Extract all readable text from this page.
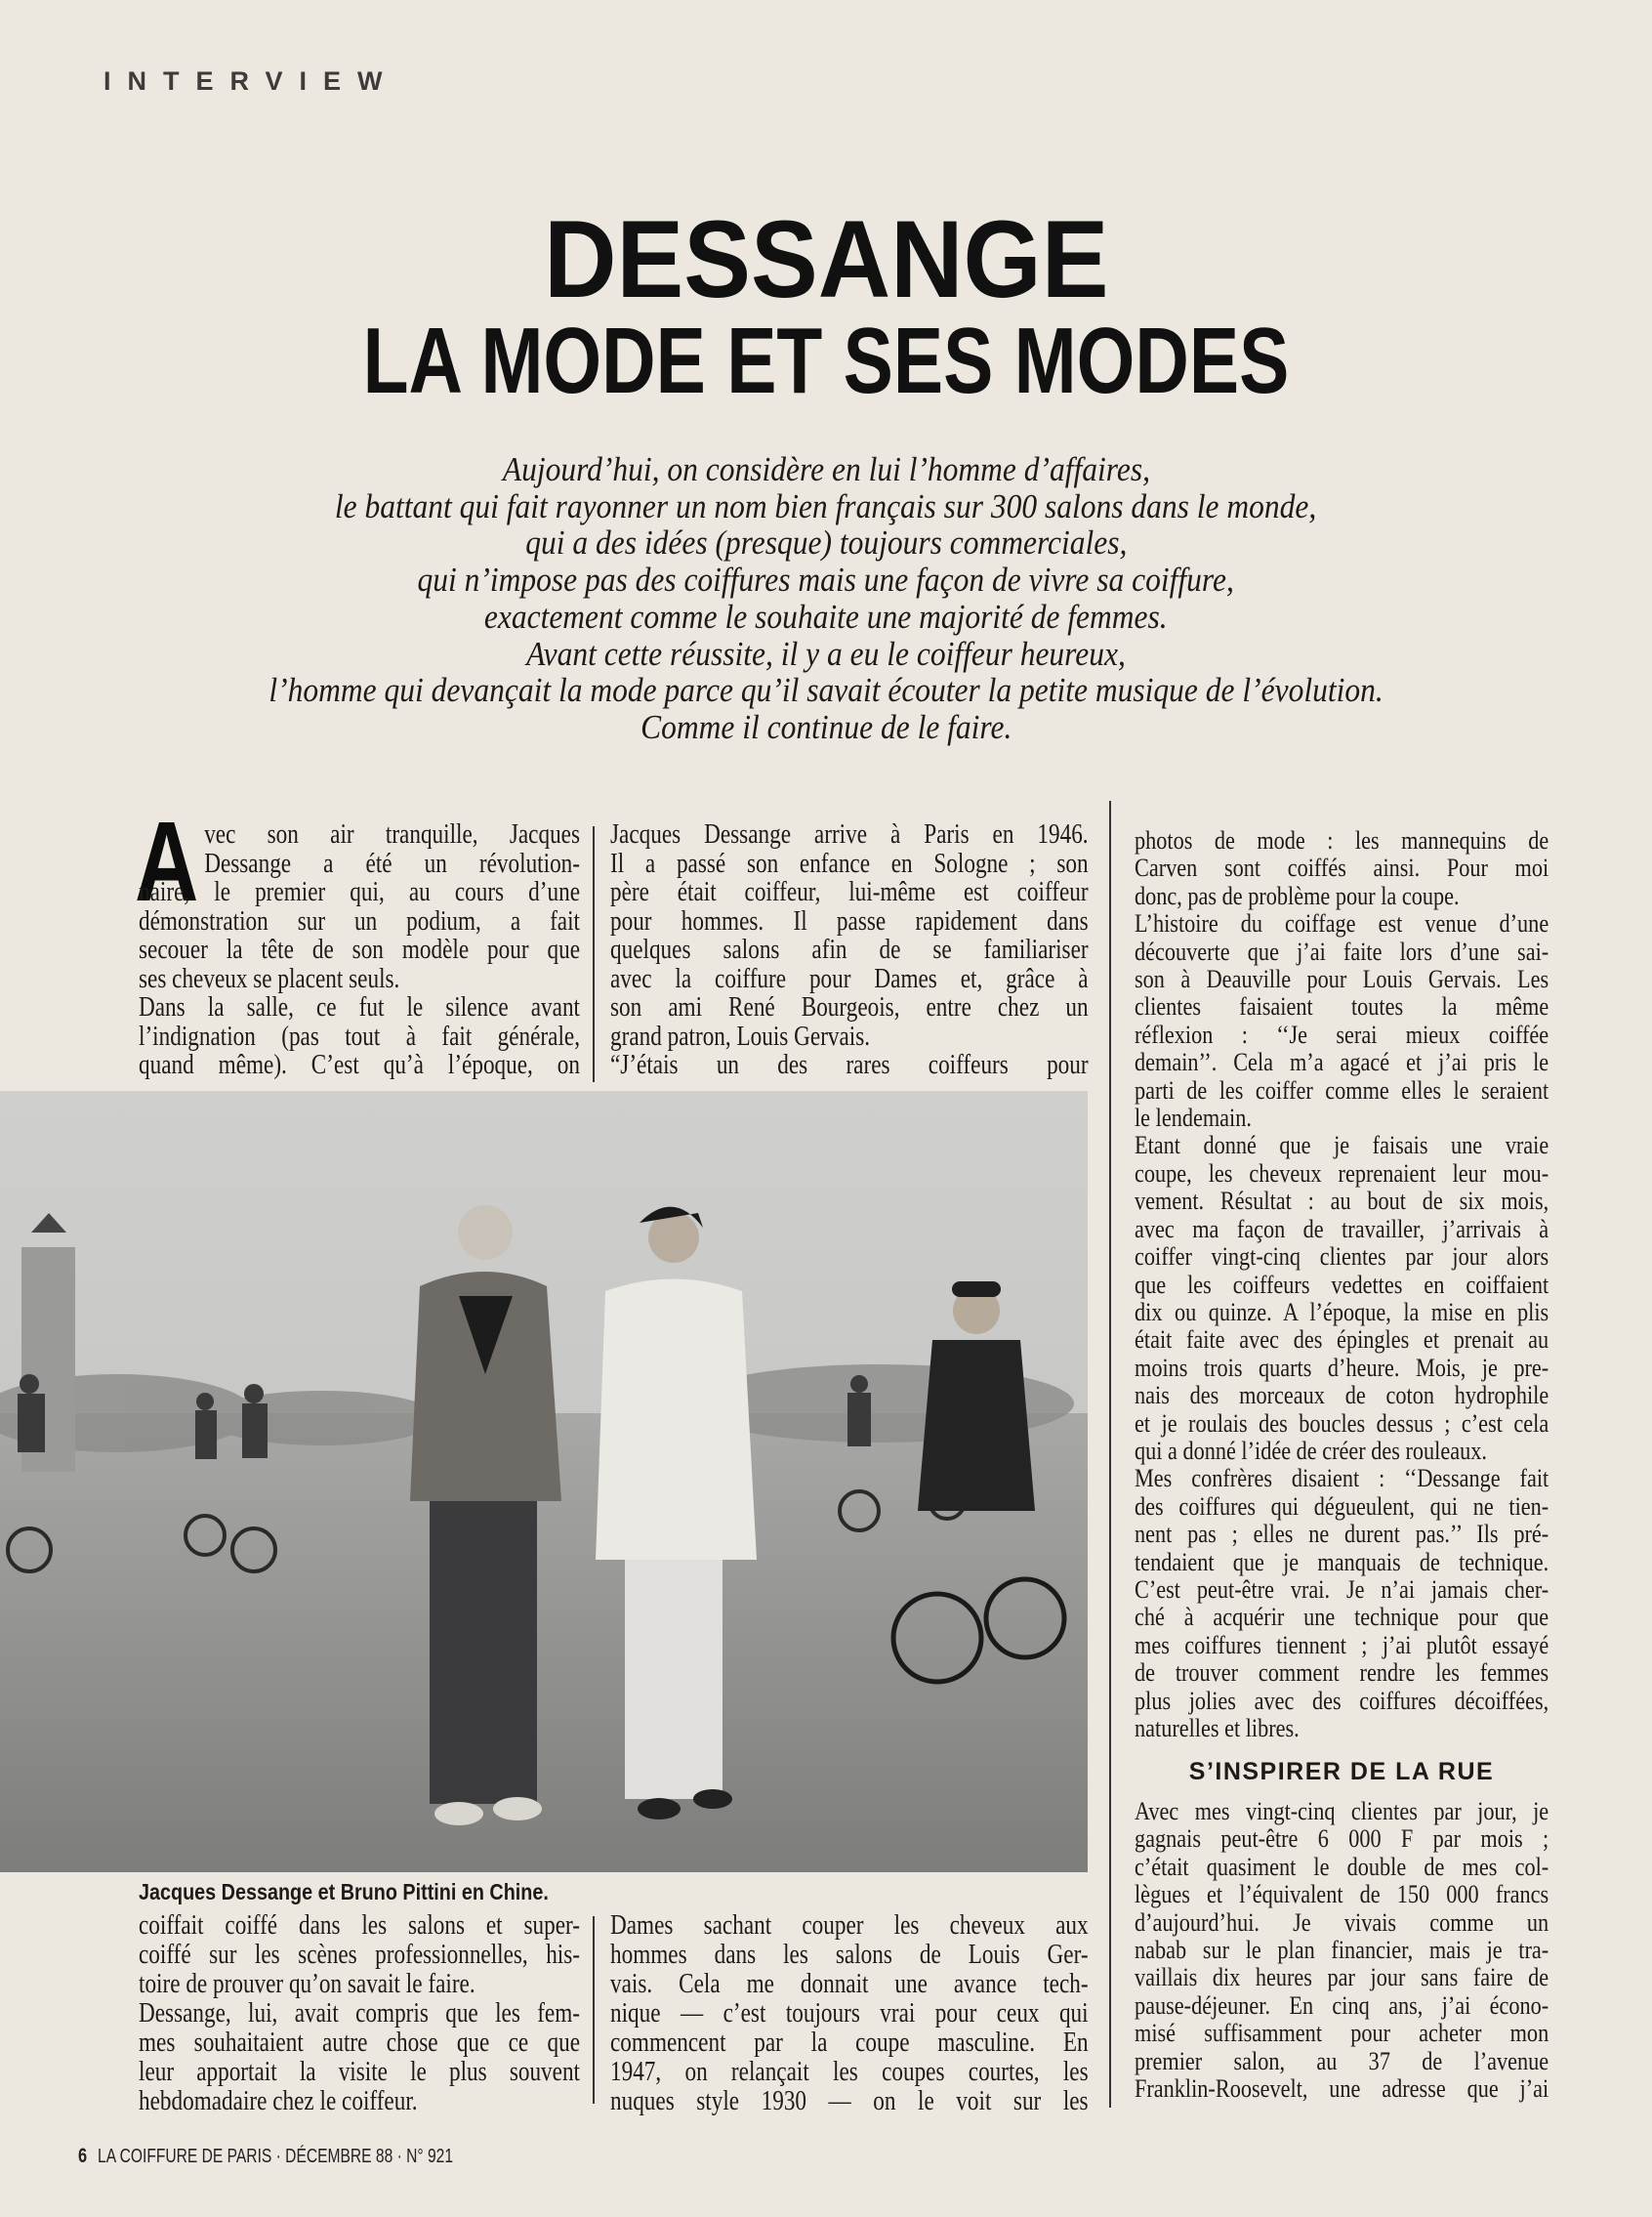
INTERVIEW
DESSANGE
LA MODE ET SES MODES
Aujourd’hui, on considère en lui l’homme d’affaires,
le battant qui fait rayonner un nom bien français sur 300 salons dans le monde,
qui a des idées (presque) toujours commerciales,
qui n’impose pas des coiffures mais une façon de vivre sa coiffure,
exactement comme le souhaite une majorité de femmes.
Avant cette réussite, il y a eu le coiffeur heureux,
l’homme qui devançait la mode parce qu’il savait écouter la petite musique de l’évolution.
Comme il continue de le faire.
A vec son air tranquille, Jacques
Dessange a été un révolution-
naire, le premier qui, au cours d’une
démonstration sur un podium, a fait
secouer la tête de son modèle pour que
ses cheveux se placent seuls.
Dans la salle, ce fut le silence avant
l’indignation (pas tout à fait générale,
quand même). C’est qu’à l’époque, on
Jacques Dessange arrive à Paris en 1946.
Il a passé son enfance en Sologne ; son
père était coiffeur, lui-même est coiffeur
pour hommes. Il passe rapidement dans
quelques salons afin de se familiariser
avec la coiffure pour Dames et, grâce à
son ami René Bourgeois, entre chez un
grand patron, Louis Gervais.
“J’étais un des rares coiffeurs pour
coiffait coiffé dans les salons et super-
coiffé sur les scènes professionnelles, his-
toire de prouver qu’on savait le faire.
Dessange, lui, avait compris que les fem-
mes souhaitaient autre chose que ce que
leur apportait la visite le plus souvent
hebdomadaire chez le coiffeur.
Dames sachant couper les cheveux aux
hommes dans les salons de Louis Ger-
vais. Cela me donnait une avance tech-
nique — c’est toujours vrai pour ceux qui
commencent par la coupe masculine. En
1947, on relançait les coupes courtes, les
nuques style 1930 — on le voit sur les
photos de mode : les mannequins de
Carven sont coiffés ainsi. Pour moi
donc, pas de problème pour la coupe.
L’histoire du coiffage est venue d’une
découverte que j’ai faite lors d’une sai-
son à Deauville pour Louis Gervais. Les
clientes faisaient toutes la même
réflexion : ‘‘Je serai mieux coiffée
demain’’. Cela m’a agacé et j’ai pris le
parti de les coiffer comme elles le seraient
le lendemain.
Etant donné que je faisais une vraie
coupe, les cheveux reprenaient leur mou-
vement. Résultat : au bout de six mois,
avec ma façon de travailler, j’arrivais à
coiffer vingt-cinq clientes par jour alors
que les coiffeurs vedettes en coiffaient
dix ou quinze. A l’époque, la mise en plis
était faite avec des épingles et prenait au
moins trois quarts d’heure. Mois, je pre-
nais des morceaux de coton hydrophile
et je roulais des boucles dessus ; c’est cela
qui a donné l’idée de créer des rouleaux.
Mes confrères disaient : ‘‘Dessange fait
des coiffures qui dégueulent, qui ne tien-
nent pas ; elles ne durent pas.’’ Ils pré-
tendaient que je manquais de technique.
C’est peut-être vrai. Je n’ai jamais cher-
ché à acquérir une technique pour que
mes coiffures tiennent ; j’ai plutôt essayé
de trouver comment rendre les femmes
plus jolies avec des coiffures décoiffées,
naturelles et libres.
S’INSPIRER DE LA RUE
Avec mes vingt-cinq clientes par jour, je
gagnais peut-être 6 000 F par mois ;
c’était quasiment le double de mes col-
lègues et l’équivalent de 150 000 francs
d’aujourd’hui. Je vivais comme un
nabab sur le plan financier, mais je tra-
vaillais dix heures par jour sans faire de
pause-déjeuner. En cinq ans, j’ai écono-
misé suffisamment pour acheter mon
premier salon, au 37 de l’avenue
Franklin-Roosevelt, une adresse que j’ai
Jacques Dessange et Bruno Pittini en Chine.
6 LA COIFFURE DE PARIS · DÉCEMBRE 88 · N° 921
